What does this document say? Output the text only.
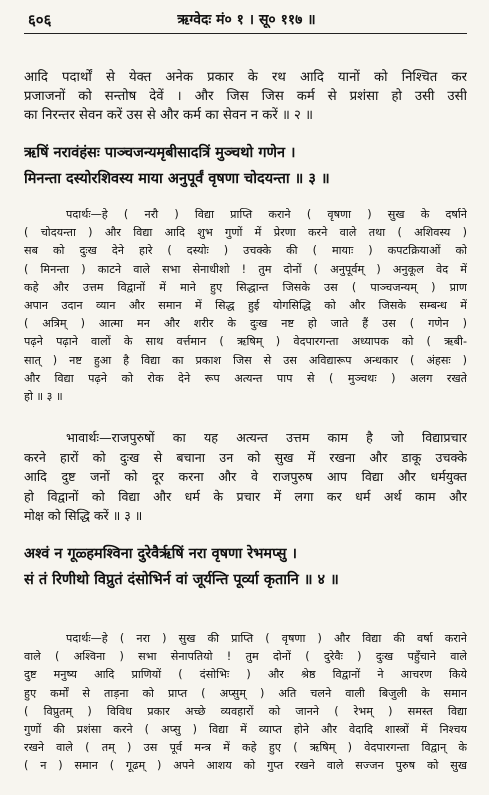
६०६	ऋग्वेदः मं० १ । सू० ११७ ॥
आदि पदार्थों से येक्त अनेक प्रकार के रथ आदि यानों को निश्चित कर
प्रजाजनों को सन्तोष देवें । और जिस जिस कर्म से प्रशंसा हो उसी उसी
का निरन्तर सेवन करें उस से और कर्म का सेवन न करें ॥ २ ॥
ऋषिं नरावंहंसः पाञ्चजन्यमृबीसादत्रिं मुञ्चथो गणेन ।
मिनन्ता दस्योरशिवस्य माया अनुपूर्वं वृषणा चोदयन्ता ॥ ३ ॥
पदार्थः—हे ( नरौ ) विद्या प्राप्ति कराने ( वृषणा ) सुख के दर्षाने
( चोदयन्ता ) और विद्या आदि शुभ गुणों में प्रेरणा करने वाले तथा ( अशिवस्य )
सब को दुःख देने हारे ( दस्योः ) उचक्के की ( मायाः ) कपटक्रियाओं को
( मिनन्ता ) काटने वाले सभा सेनाधीशो ! तुम दोनों ( अनुपूर्वम् ) अनुकूल वेद में
कहे और उत्तम विद्वानों में माने हुए सिद्धान्त जिसके उस ( पाञ्चजन्यम् ) प्राण
अपान उदान व्यान और समान में सिद्ध हुई योगसिद्धि को और जिसके सम्बन्ध में
( अत्रिम् ) आत्मा मन और शरीर के दुःख नष्ट हो जाते हैं उस ( गणेन )
पढ़ने पढ़ाने वालों के साथ वर्त्तमान ( ऋषिम् ) वेदपारगन्ता अध्यापक को ( ऋबी-
सात् ) नष्ट हुआ है विद्या का प्रकाश जिस से उस अविद्यारूप अन्धकार ( अंहसः )
और विद्या पढ़ने को रोक देने रूप अत्यन्त पाप से ( मुञ्चथः ) अलग रखते
हो ॥ ३ ॥
भावार्थः—राजपुरुषों का यह अत्यन्त उत्तम काम है जो विद्याप्रचार
करने हारों को दुःख से बचाना उन को सुख में रखना और डाकू उचक्के
आदि दुष्ट जनों को दूर करना और वे राजपुरुष आप विद्या और धर्मयुक्त
हो विद्वानों को विद्या और धर्म के प्रचार में लगा कर धर्म अर्थ काम और
मोक्ष को सिद्धि करें ॥ ३ ॥
अश्वं न गूळ्हमश्विना दुरेवैर्ऋषिं नरा वृषणा रेभमप्सु ।
सं तं रिणीथो विप्रुतं दंसोभिर्न वां जूर्यन्ति पूर्व्या कृतानि ॥ ४ ॥
पदार्थः—हे ( नरा ) सुख की प्राप्ति ( वृषणा ) और विद्या की वर्षा कराने
वाले ( अश्विना ) सभा सेनापतियो ! तुम दोनों ( दुरेवैः ) दुःख पहुँचाने वाले
दुष्ट मनुष्य आदि प्राणियों ( दंसोभिः ) और श्रेष्ठ विद्वानों ने आचरण किये
हुए कर्मों से ताड़ना को प्राप्त ( अप्सुम् ) अति चलने वाली बिजुली के समान
( विप्रुतम् ) विविध प्रकार अच्छे व्यवहारों को जानने ( रेभम् ) समस्त विद्या
गुणों की प्रशंसा करने ( अप्सु ) विद्या में व्याप्त होने और वेदादि शास्त्रों में निश्चय
रखने वाले ( तम् ) उस पूर्व मन्त्र में कहे हुए ( ऋषिम् ) वेदपारगन्ता विद्वान् के
( न ) समान ( गूढम् ) अपने आशय को गुप्त रखने वाले सज्जन पुरुष को सुख
